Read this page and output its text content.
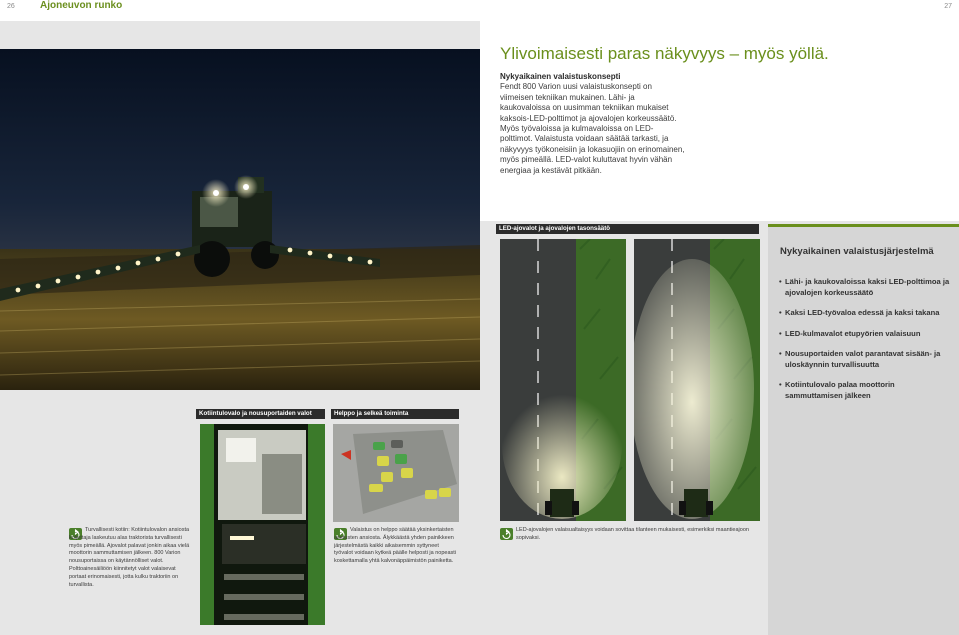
26	Ajoneuvon runko	27
Ylivoimaisesti paras näkyvyys – myös yöllä.
Nykyaikainen valaistuskonsepti
Fendt 800 Varion uusi valaistuskonsepti on viimeisen tekniikan mukainen. Lähi- ja kaukovaloissa on uusimman tekniikan mukaiset kaksois-LED-polttimot ja ajovalojen korkeussäätö. Myös työvaloissa ja kulmavaloissa on LED-polttimot. Valaistusta voidaan säätää tarkasti, ja näkyvyys työkoneisiin ja lokasuojiin on erinomainen, myös pimeällä. LED-valot kuluttavat hyvin vähän energiaa ja kestävät pitkään.
LED-ajovalot ja ajovalojen tasonsäätö
Kotiintulovalo ja nousuportaiden valot	Helppo ja selkeä toiminta
Turvallisesti kotiin: Kotiintulovalon ansiosta kuljettaja laskeutuu alas traktorista turvallisesti myös pimeällä. Ajovalot palavat jonkin aikaa vielä moottorin sammuttamisen jälkeen. 800 Varion nousuportaissa on käytännölliset valot. Polttoainesäiliöön kiinnitetyt valot valaisevat portaat erinomaisesti, jotta kulku traktoriin on turvallista.
Valaistus on helppo säätää yksinkertaisten asetusten ansiosta. Älykkäästä yhden painikkeen järjestelmästä kaikki aikaisemmin syttyneet työvalot voidaan kytkeä päälle helposti ja nopeasti koskettamalla yhtä kalvonäppäimistön painiketta.
LED-ajovalojen valaisualtaisyys voidaan sovittaa tilanteen mukaisesti, esimerkiksi maantieajoon sopivaksi.
Nykyaikainen valaistusjärjestelmä
• Lähi- ja kaukovaloissa kaksi LED-polttimoa ja ajovalojen korkeussäätö
• Kaksi LED-työvaloa edessä ja kaksi takana
• LED-kulmavalot etupyörien valaisuun
• Nousuportaiden valot parantavat sisään- ja uloskäynnin turvallisuutta
• Kotiintulovalo palaa moottorin sammuttamisen jälkeen
